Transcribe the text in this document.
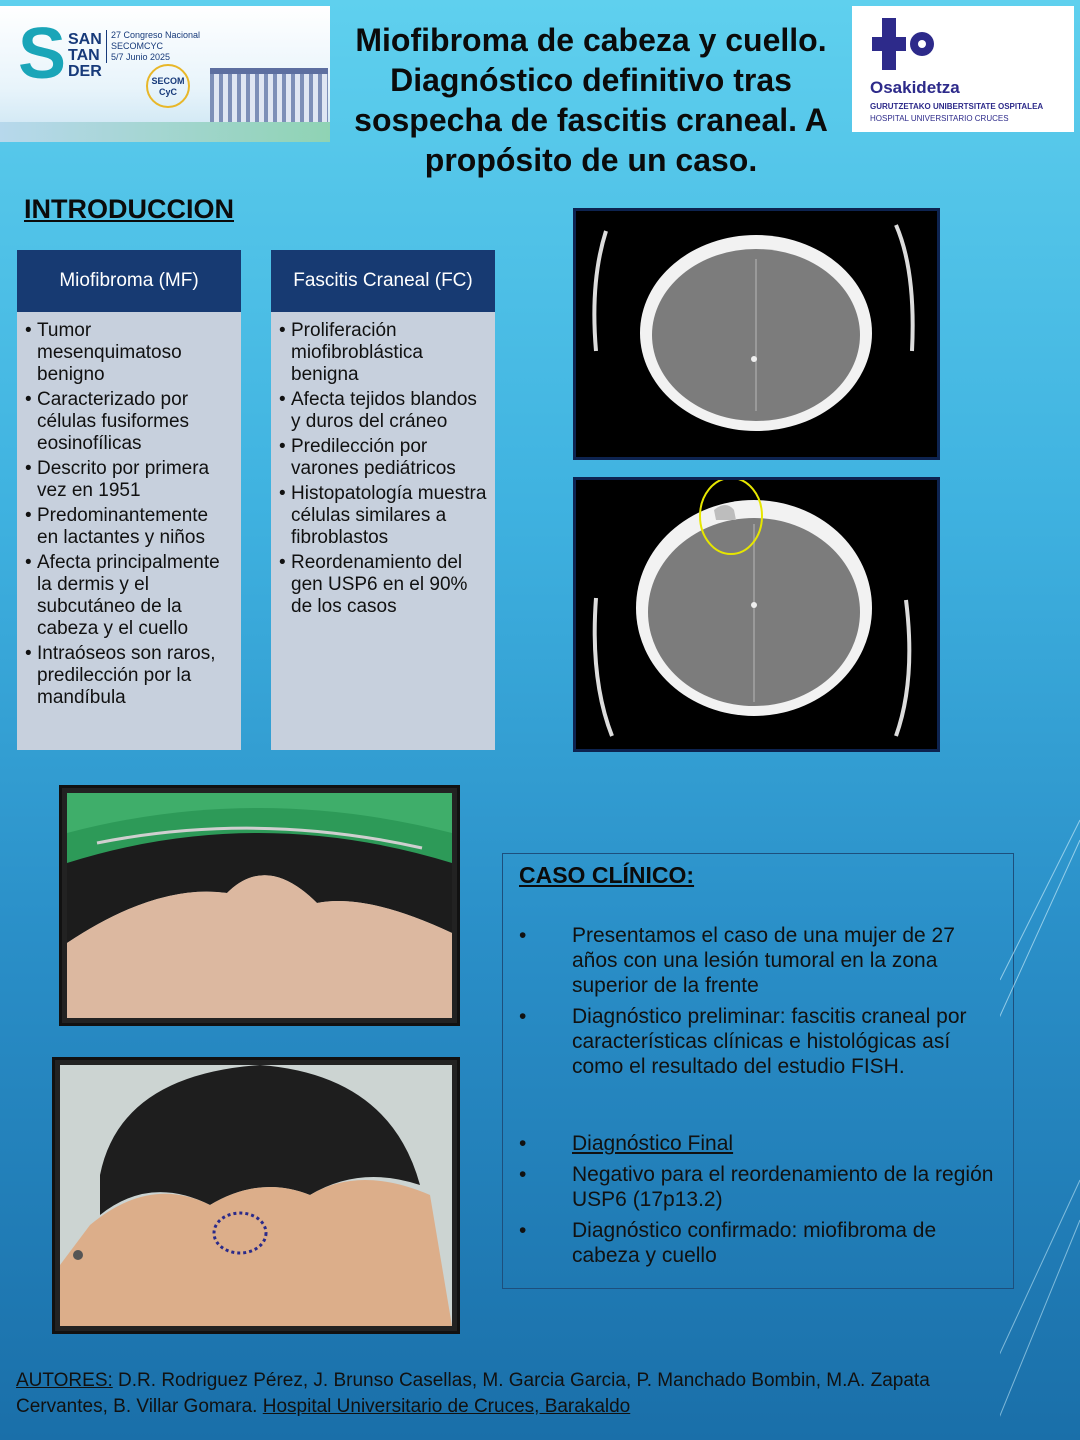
S SAN TAN DER
27 Congreso Nacional SECOMCYC
5/7 Junio 2025
SECOM CyC
Miofibroma de cabeza y cuello. Diagnóstico definitivo tras sospecha de fascitis craneal. A propósito de un caso.
Osakidetza
GURUTZETAKO UNIBERTSITATE OSPITALEA
HOSPITAL UNIVERSITARIO CRUCES
INTRODUCCION
Miofibroma (MF)
• Tumor mesenquimatoso benigno
• Caracterizado por células fusiformes eosinofílicas
• Descrito por primera vez en 1951
• Predominantemente en lactantes y niños
• Afecta principalmente la dermis y el subcutáneo de la cabeza y el cuello
• Intraóseos son raros, predilección por la mandíbula
Fascitis Craneal (FC)
• Proliferación miofibroblástica benigna
• Afecta tejidos blandos y duros del cráneo
• Predilección por varones pediátricos
• Histopatología muestra células similares a fibroblastos
• Reordenamiento del gen USP6 en el 90% de los casos
CASO CLÍNICO:
• Presentamos el caso de una mujer de 27 años con una lesión tumoral en la zona superior de la frente
• Diagnóstico preliminar: fascitis craneal por características clínicas e histológicas así como el resultado del estudio FISH.
• Diagnóstico Final
• Negativo para el reordenamiento de la región USP6 (17p13.2)
• Diagnóstico confirmado: miofibroma de cabeza y cuello
AUTORES: D.R. Rodriguez Pérez, J. Brunso Casellas, M. Garcia Garcia, P. Manchado Bombin, M.A. Zapata Cervantes, B. Villar Gomara. Hospital Universitario de Cruces, Barakaldo
